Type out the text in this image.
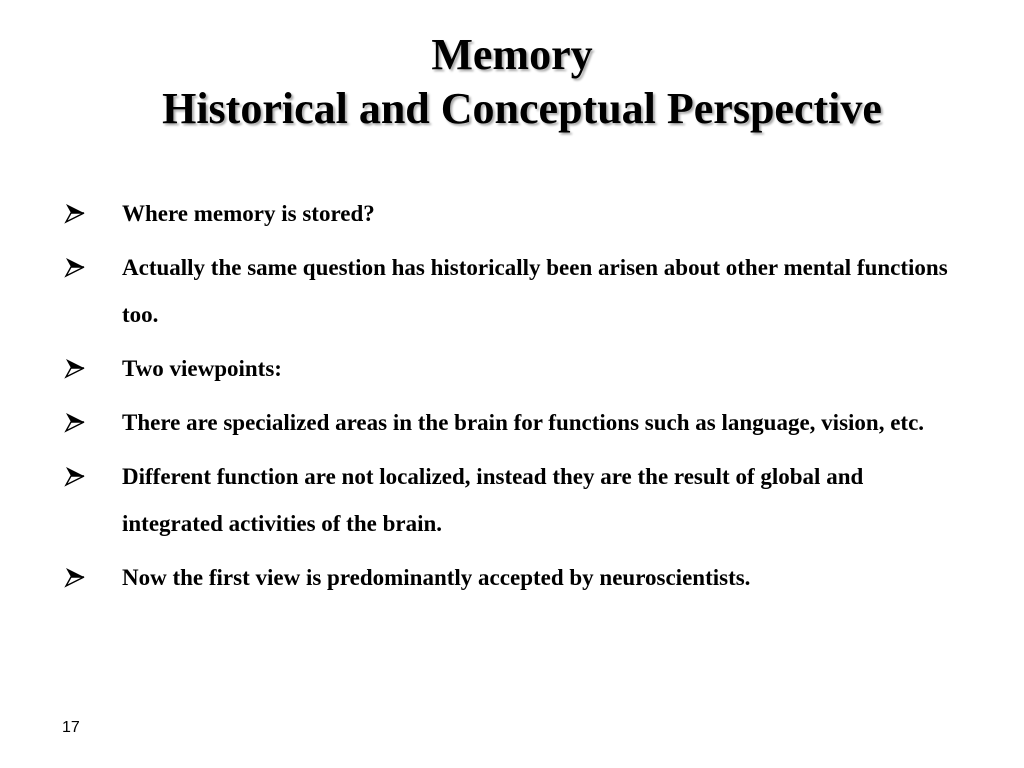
Memory
Historical and Conceptual Perspective
Where memory is stored?
Actually the same question has historically been arisen about other mental functions too.
Two viewpoints:
There are specialized areas in the brain for functions such as language, vision, etc.
Different function are not localized, instead they are the result of global and integrated activities of the brain.
Now the first view is predominantly accepted by neuroscientists.
17
